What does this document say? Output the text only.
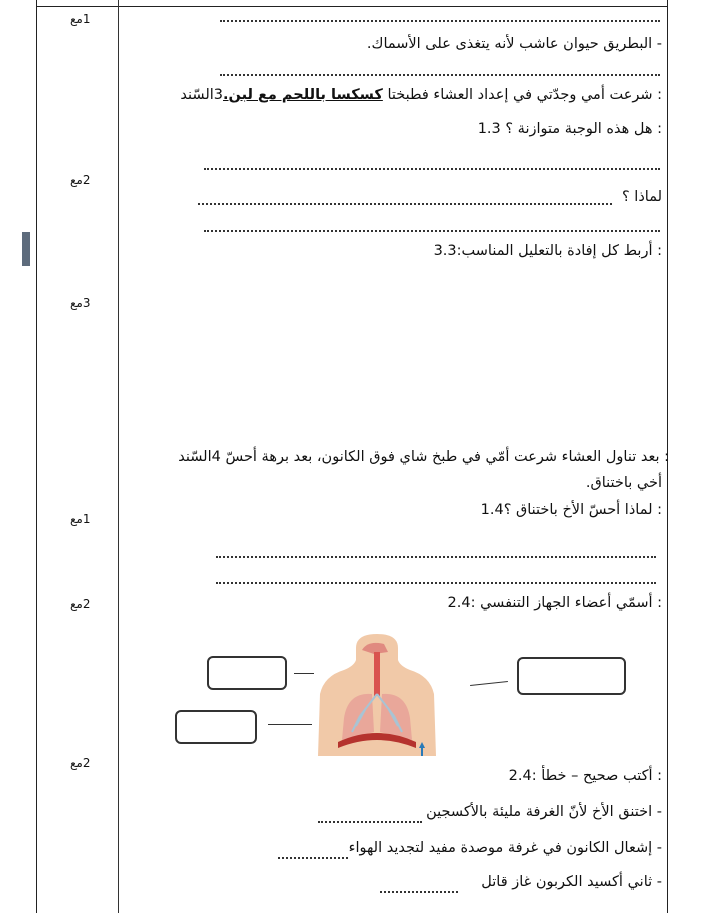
1مع
2مع
3مع
1مع
2مع
2مع
- البطريق حيوان عاشب لأنه يتغذى على الأسماك.
: شرعت أمي وجدّتي في إعداد العشاء فطبختا كسكسا باللحم مع لبن.3السّند
: هل هذه الوجبة متوازنة ؟ 1.3
لماذا ؟
: أربط كل إفادة بالتعليل المناسب:3.3
: بعد تناول العشاء شرعت أمّي في طبخ شاي فوق الكانون، بعد برهة أحسّ 4السّند
أخي باختناق.
: لماذا أحسّ الأخ باختناق ؟1.4
: أسمّي أعضاء الجهاز التنفسي :2.4
: أكتب صحيح – خطأ :2.4
- اختنق الأخ لأنّ الغرفة مليئة بالأكسجين
- إشعال الكانون في غرفة موصدة مفيد لتجديد الهواء
- ثاني أكسيد الكربون غاز قاتل
